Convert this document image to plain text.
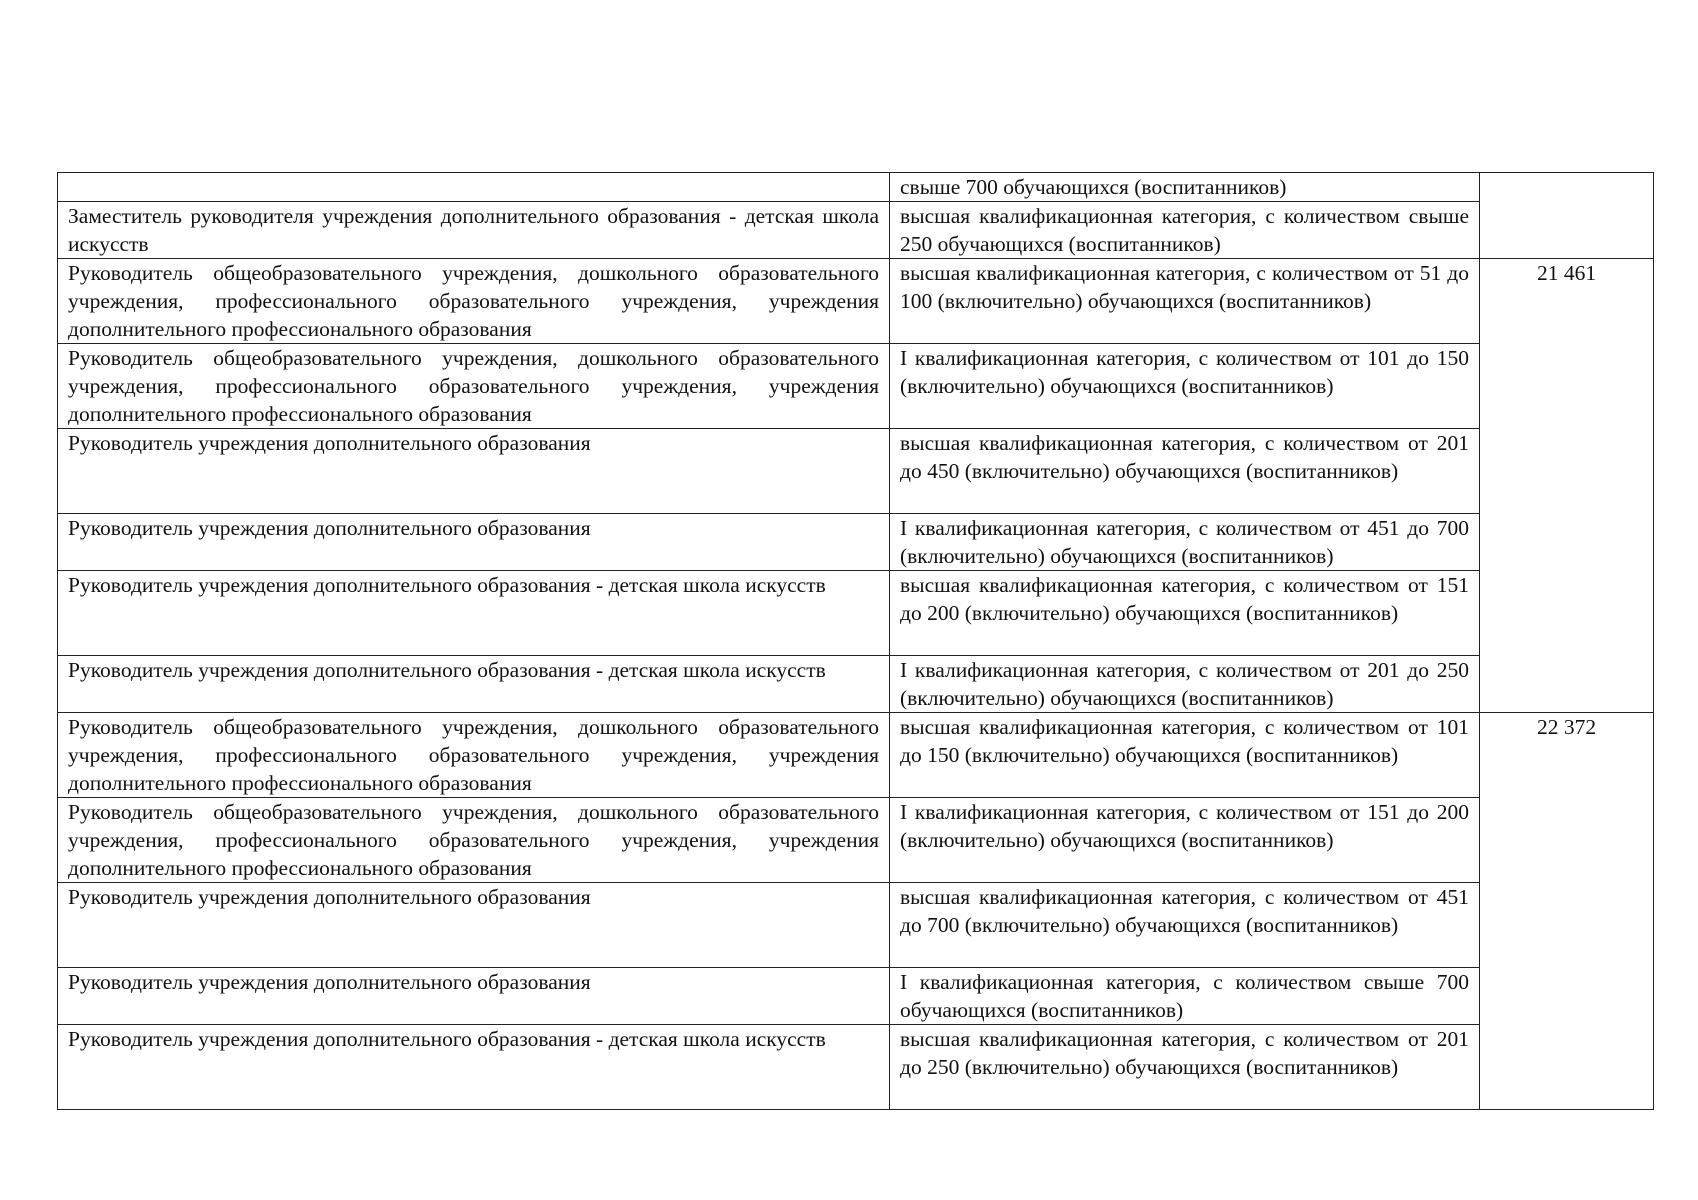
	свыше 700 обучающихся (воспитанников)	
Заместитель руководителя учреждения дополнительного образования - детская школа искусств	высшая квалификационная категория, с количеством свыше 250 обучающихся (воспитанников)	
Руководитель общеобразовательного учреждения, дошкольного образовательного учреждения, профессионального образовательного учреждения, учреждения дополнительного профессионального образования	высшая квалификационная категория, с количеством от 51 до 100 (включительно) обучающихся (воспитанников)	21 461
Руководитель общеобразовательного учреждения, дошкольного образовательного учреждения, профессионального образовательного учреждения, учреждения дополнительного профессионального образования	I квалификационная категория, с количеством от 101 до 150 (включительно) обучающихся (воспитанников)	
Руководитель учреждения дополнительного образования	высшая квалификационная категория, с количеством от 201 до 450 (включительно) обучающихся (воспитанников)	
Руководитель учреждения дополнительного образования	I квалификационная категория, с количеством от 451 до 700 (включительно) обучающихся (воспитанников)	
Руководитель учреждения дополнительного образования - детская школа искусств	высшая квалификационная категория, с количеством от 151 до 200 (включительно) обучающихся (воспитанников)	
Руководитель учреждения дополнительного образования - детская школа искусств	I квалификационная категория, с количеством от 201 до 250 (включительно) обучающихся (воспитанников)	
Руководитель общеобразовательного учреждения, дошкольного образовательного учреждения, профессионального образовательного учреждения, учреждения дополнительного профессионального образования	высшая квалификационная категория, с количеством от 101 до 150 (включительно) обучающихся (воспитанников)	22 372
Руководитель общеобразовательного учреждения, дошкольного образовательного учреждения, профессионального образовательного учреждения, учреждения дополнительного профессионального образования	I квалификационная категория, с количеством от 151 до 200 (включительно) обучающихся (воспитанников)	
Руководитель учреждения дополнительного образования	высшая квалификационная категория, с количеством от 451 до 700 (включительно) обучающихся (воспитанников)	
Руководитель учреждения дополнительного образования	I квалификационная категория, с количеством свыше 700 обучающихся (воспитанников)	
Руководитель учреждения дополнительного образования - детская школа искусств	высшая квалификационная категория, с количеством от 201 до 250 (включительно) обучающихся (воспитанников)	
